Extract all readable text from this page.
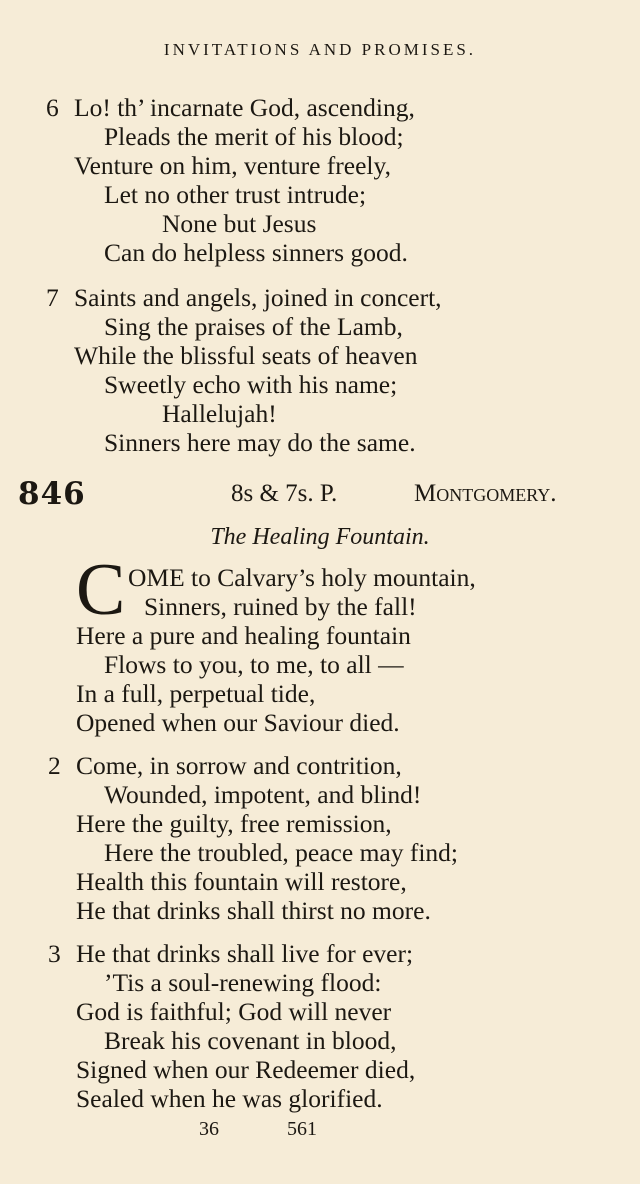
INVITATIONS AND PROMISES.
6 Lo! th’ incarnate God, ascending,
Pleads the merit of his blood;
Venture on him, venture freely,
Let no other trust intrude;
None but Jesus
Can do helpless sinners good.
7 Saints and angels, joined in concert,
Sing the praises of the Lamb,
While the blissful seats of heaven
Sweetly echo with his name;
Hallelujah!
Sinners here may do the same.
846	8s & 7s. P.	Montgomery.
The Healing Fountain.
OME to Calvary’s holy mountain,
Sinners, ruined by the fall!
Here a pure and healing fountain
Flows to you, to me, to all —
In a full, perpetual tide,
Opened when our Saviour died.
C
2 Come, in sorrow and contrition,
Wounded, impotent, and blind!
Here the guilty, free remission,
Here the troubled, peace may find;
Health this fountain will restore,
He that drinks shall thirst no more.
3 He that drinks shall live for ever;
’Tis a soul-renewing flood:
God is faithful; God will never
Break his covenant in blood,
Signed when our Redeemer died,
Sealed when he was glorified.
36	561
